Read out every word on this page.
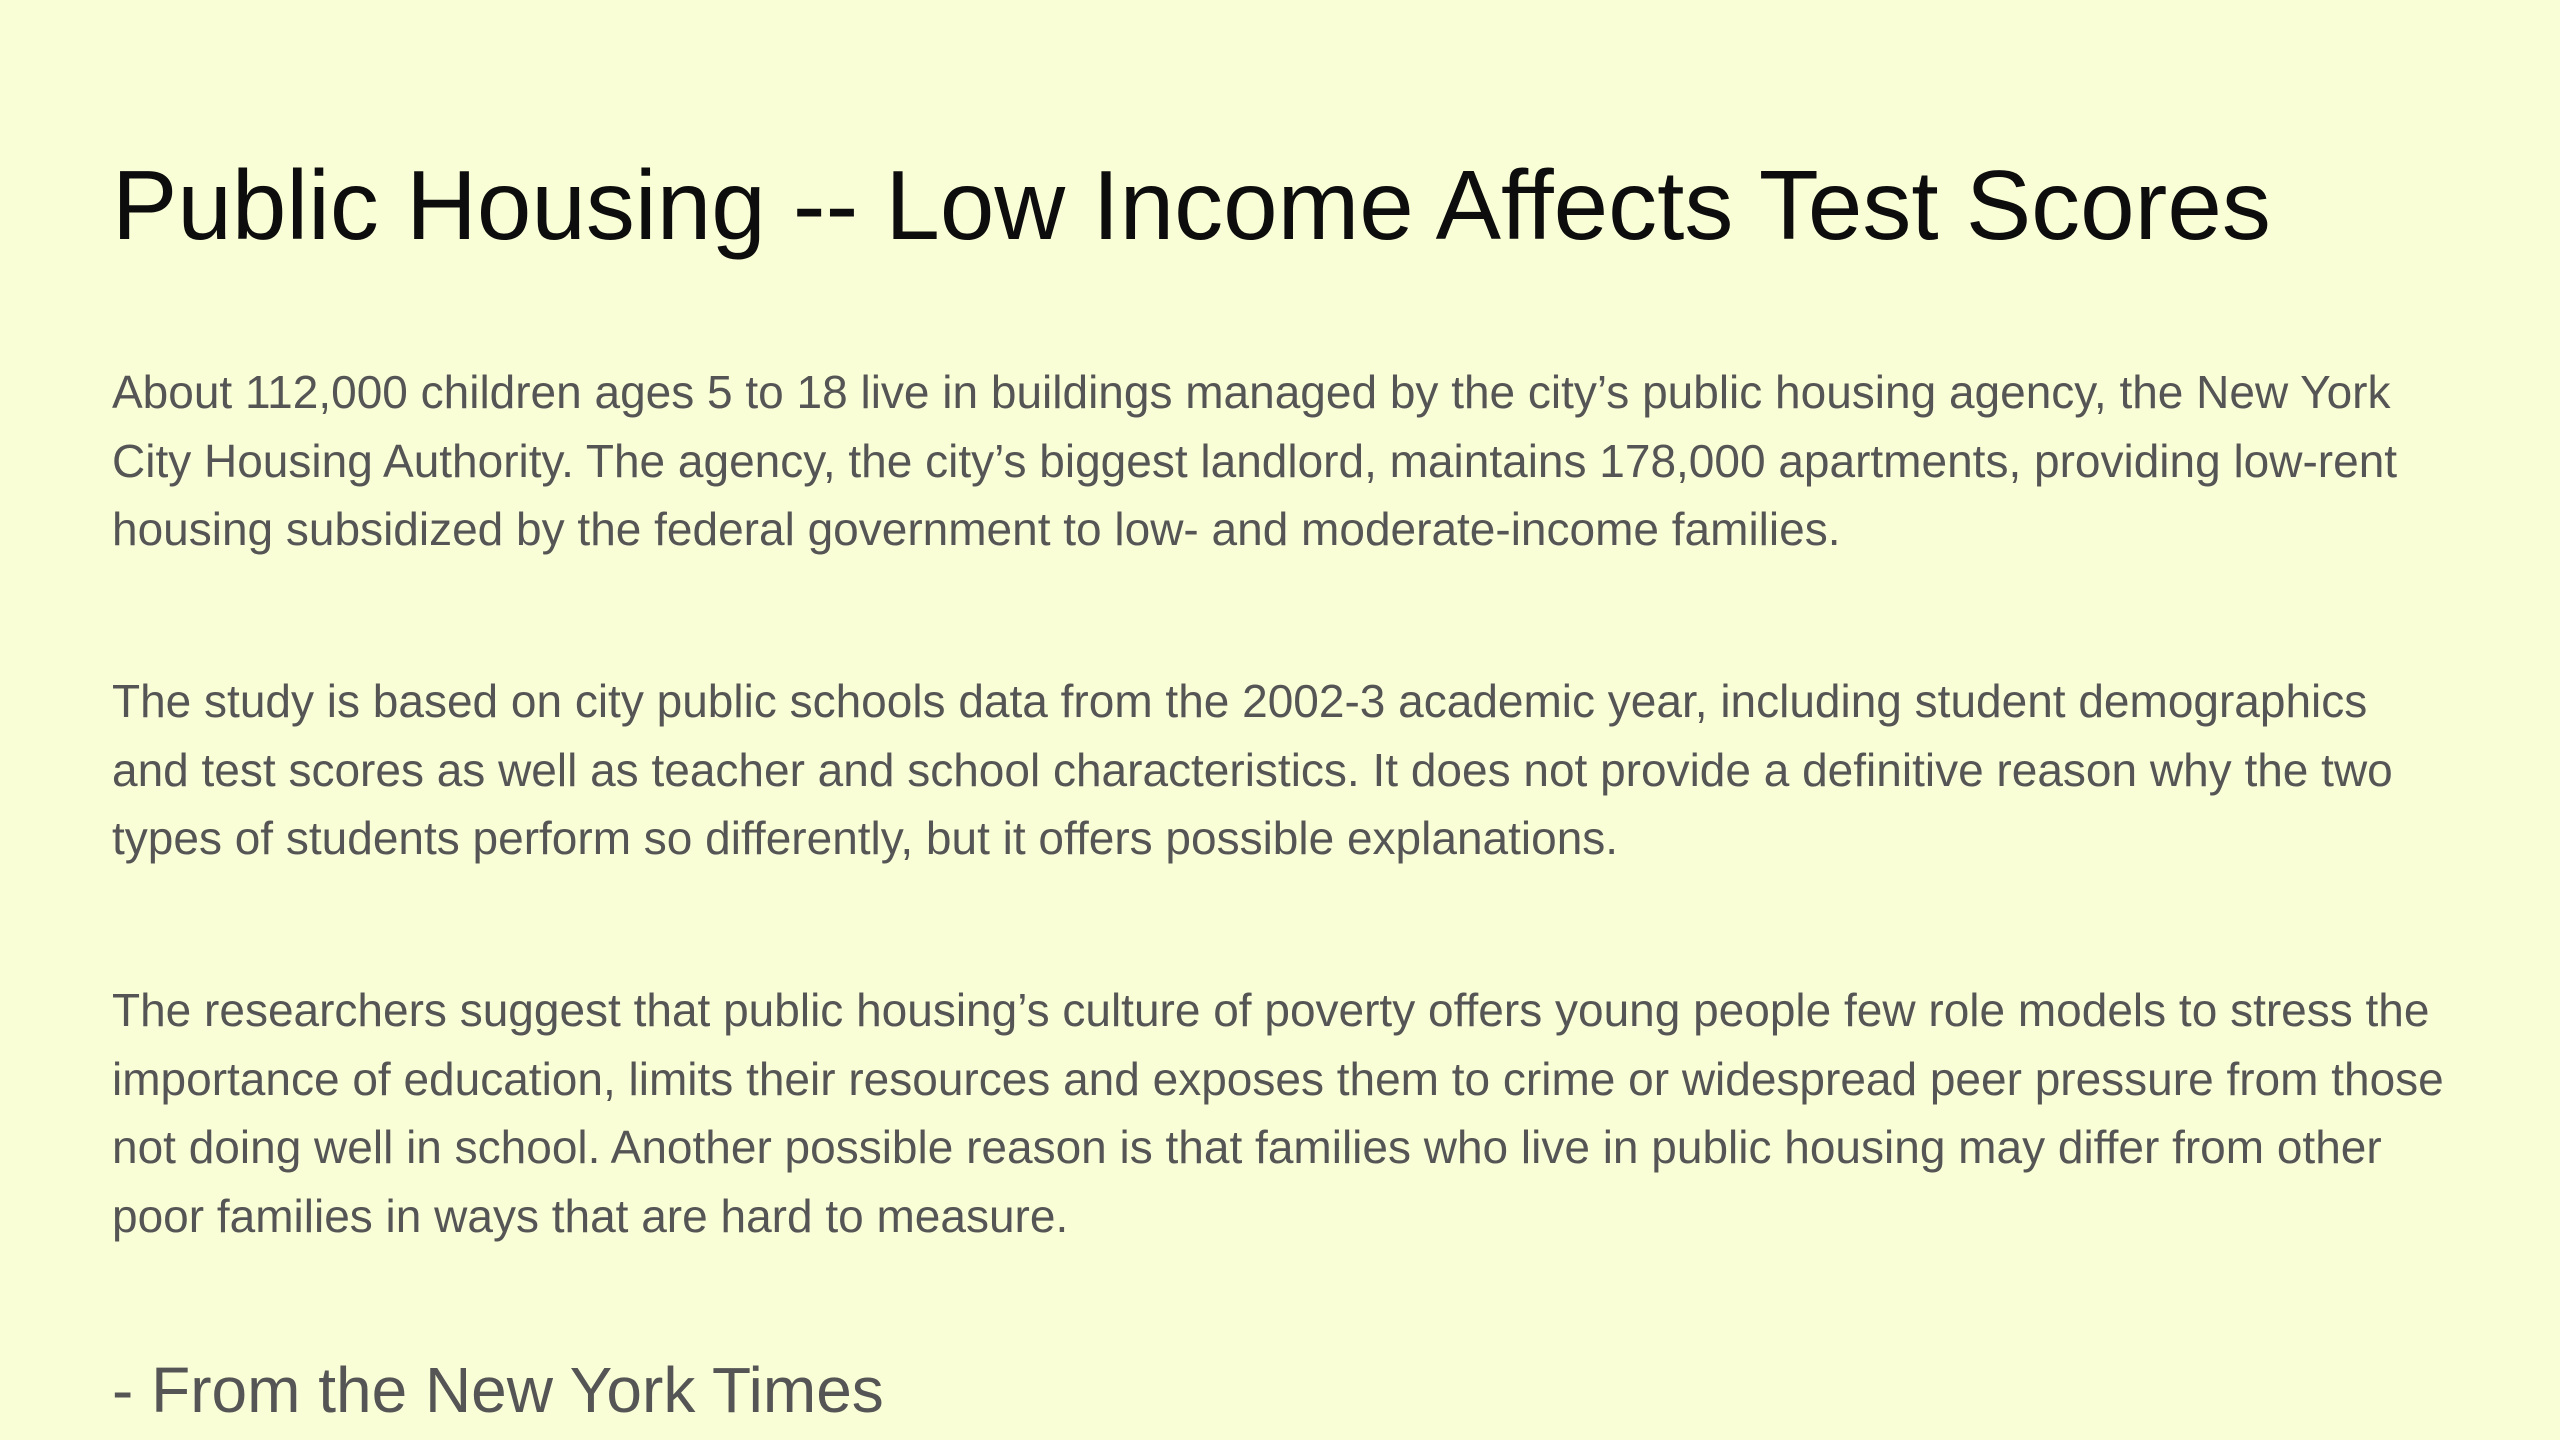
Public Housing -- Low Income Affects Test Scores

About 112,000 children ages 5 to 18 live in buildings managed by the city’s public housing agency, the New York City Housing Authority. The agency, the city’s biggest landlord, maintains 178,000 apartments, providing low-rent housing subsidized by the federal government to low- and moderate-income families.

The study is based on city public schools data from the 2002-3 academic year, including student demographics and test scores as well as teacher and school characteristics. It does not provide a definitive reason why the two types of students perform so differently, but it offers possible explanations.

The researchers suggest that public housing’s culture of poverty offers young people few role models to stress the importance of education, limits their resources and exposes them to crime or widespread peer pressure from those not doing well in school. Another possible reason is that families who live in public housing may differ from other poor families in ways that are hard to measure.

- From the New York Times
